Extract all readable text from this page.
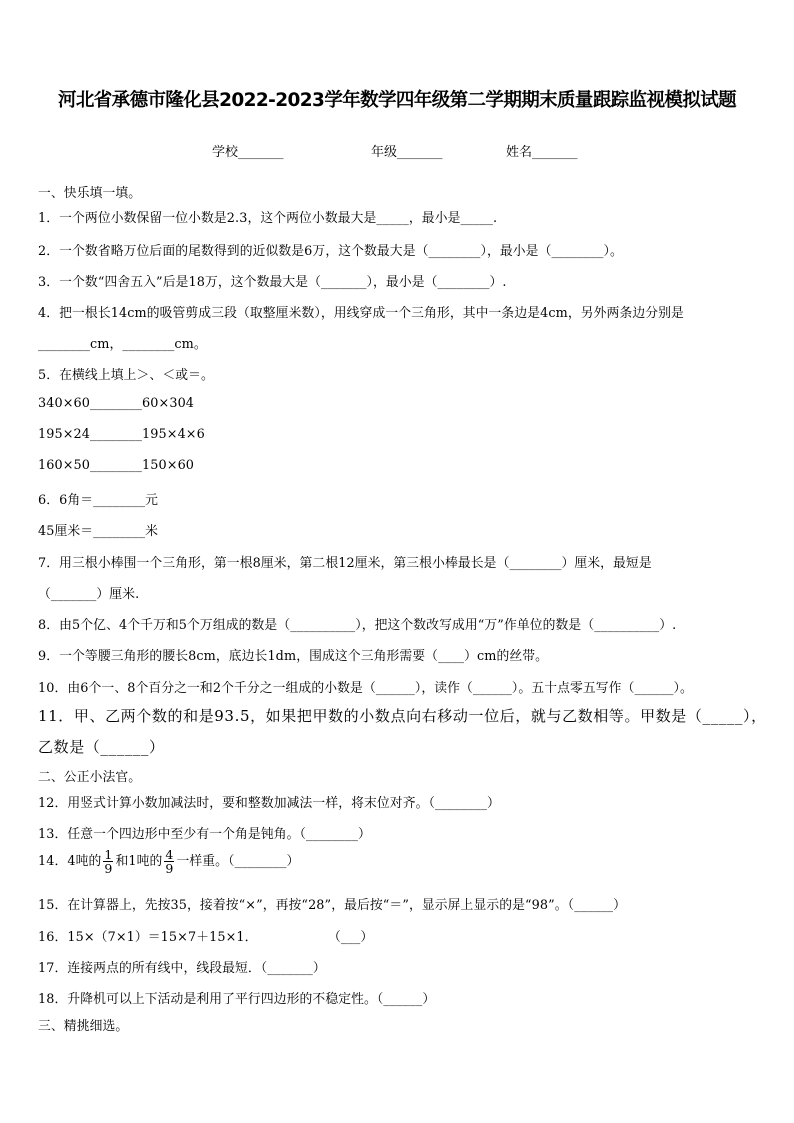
河北省承德市隆化县2022-2023学年数学四年级第二学期期末质量跟踪监视模拟试题
学校_______	年级_______	姓名_______
一、快乐填一填。
1．一个两位小数保留一位小数是2.3，这个两位小数最大是_____，最小是_____.
2．一个数省略万位后面的尾数得到的近似数是6万，这个数最大是（________），最小是（________）。
3．一个数“四舍五入”后是18万，这个数最大是（_______），最小是（________）.
4．把一根长14cm的吸管剪成三段（取整厘米数），用线穿成一个三角形，其中一条边是4cm，另外两条边分别是
________cm，________cm。
5．在横线上填上＞、＜或＝。
340×60________60×304
195×24________195×4×6
160×50________150×60
6．6角＝________元
45厘米＝________米
7．用三根小棒围一个三角形，第一根8厘米，第二根12厘米，第三根小棒最长是（________）厘米，最短是
（_______）厘米.
8．由5个亿、4个千万和5个万组成的数是（__________），把这个数改写成用“万”作单位的数是（__________）.
9．一个等腰三角形的腰长8cm，底边长1dm，围成这个三角形需要（____）cm的丝带。
10．由6个一、8个百分之一和2个千分之一组成的小数是（______），读作（______）。五十点零五写作（______）。
11．甲、乙两个数的和是93.5，如果把甲数的小数点向右移动一位后，就与乙数相等。甲数是（_____），
乙数是（______）
二、公正小法官。
12．用竖式计算小数加减法时，要和整数加减法一样，将末位对齐。（________）
13．任意一个四边形中至少有一个角是钝角。（________）
14．4吨的 $\frac{1}{9}$ 和1吨的 $\frac{4}{9}$ 一样重。（________）
15．在计算器上，先按35，接着按“×”，再按“28”，最后按“＝”，显示屏上显示的是“98”。（______）
16．15×（7×1）＝15×7＋15×1．	（___）
17．连接两点的所有线中，线段最短．（_______）
18．升降机可以上下活动是利用了平行四边形的不稳定性。（______）
三、精挑细选。
